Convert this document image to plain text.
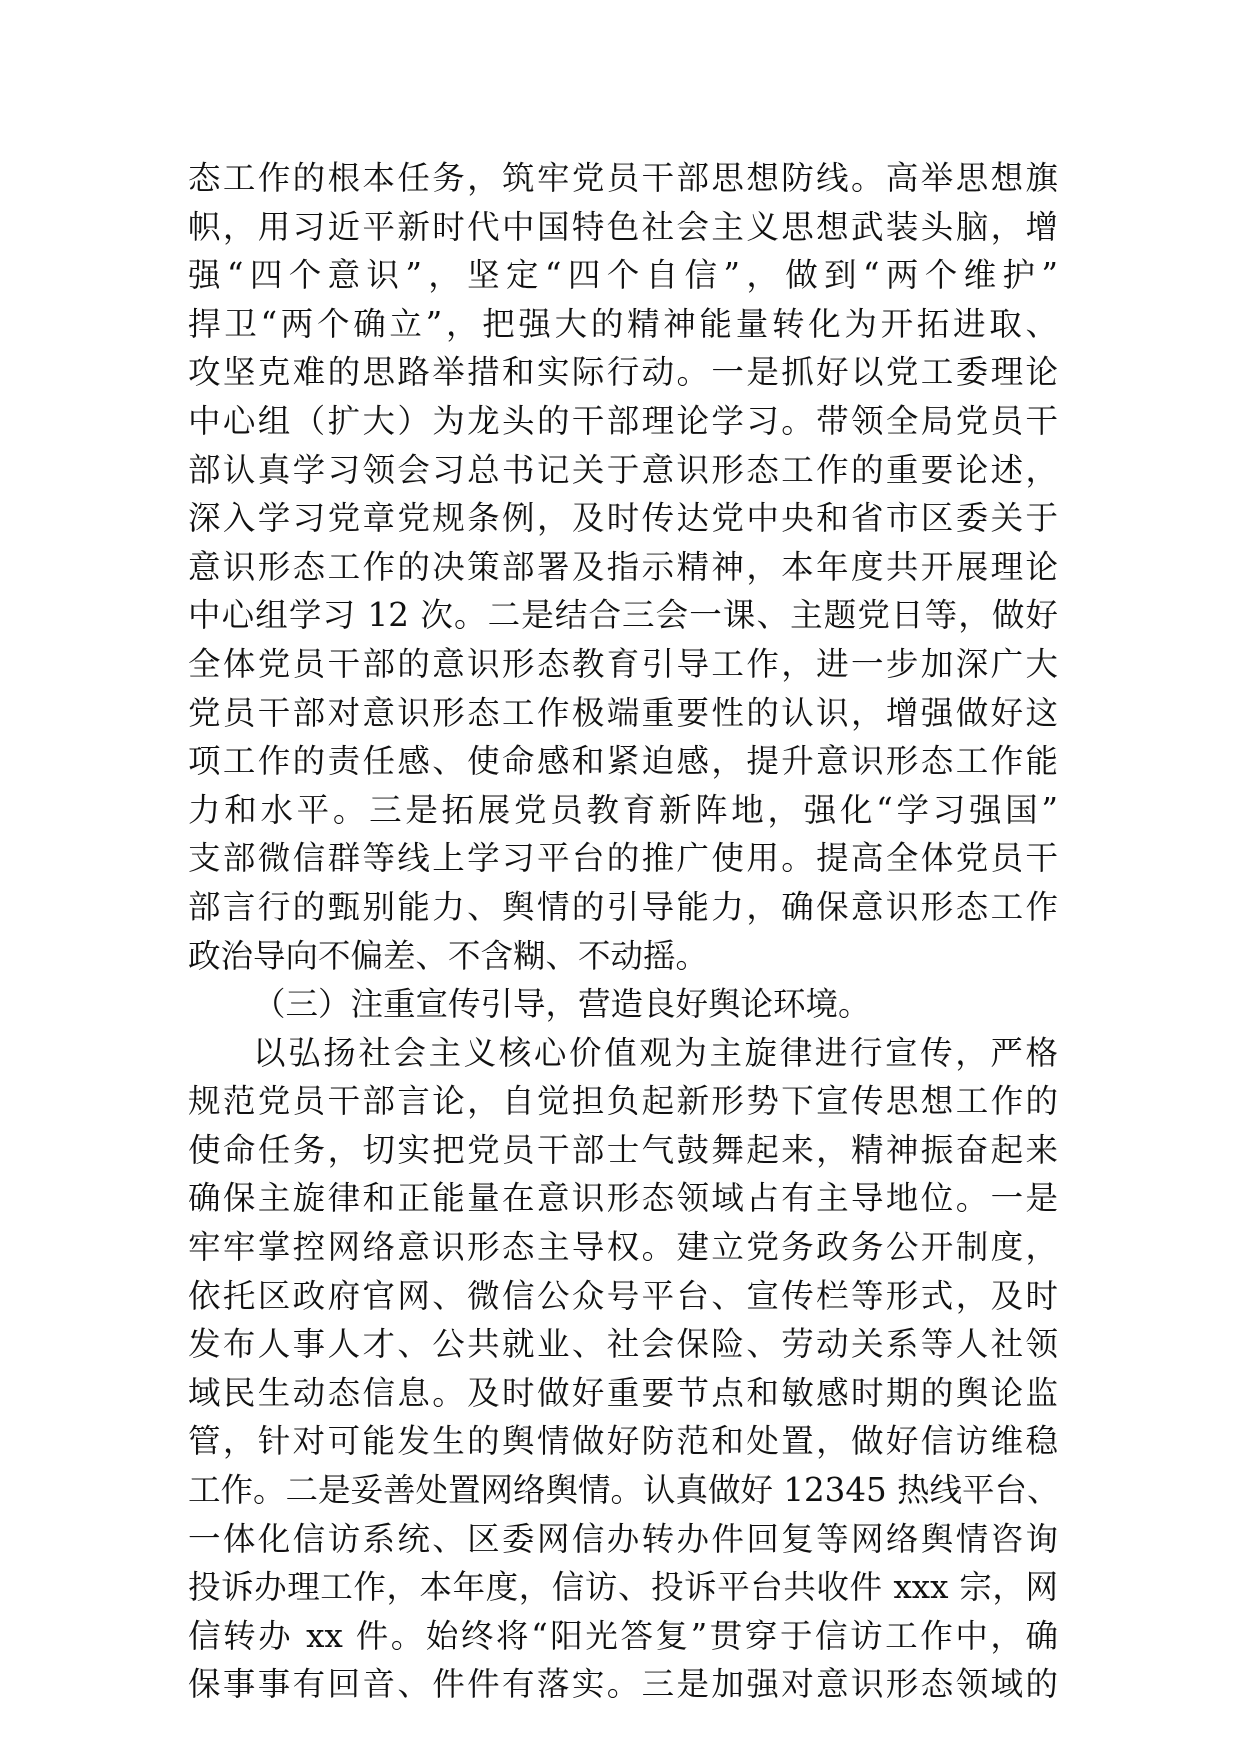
态工作的根本任务，筑牢党员干部思想防线。高举思想旗
帜，用习近平新时代中国特色社会主义思想武装头脑，增
强“四个意识”，坚定“四个自信”，做到“两个维护”
捍卫“两个确立”，把强大的精神能量转化为开拓进取、
攻坚克难的思路举措和实际行动。一是抓好以党工委理论
中心组（扩大）为龙头的干部理论学习。带领全局党员干
部认真学习领会习总书记关于意识形态工作的重要论述，
深入学习党章党规条例，及时传达党中央和省市区委关于
意识形态工作的决策部署及指示精神，本年度共开展理论
中心组学习 12 次。二是结合三会一课、主题党日等，做好
全体党员干部的意识形态教育引导工作，进一步加深广大
党员干部对意识形态工作极端重要性的认识，增强做好这
项工作的责任感、使命感和紧迫感，提升意识形态工作能
力和水平。三是拓展党员教育新阵地，强化“学习强国”
支部微信群等线上学习平台的推广使用。提高全体党员干
部言行的甄别能力、舆情的引导能力，确保意识形态工作
政治导向不偏差、不含糊、不动摇。
（三）注重宣传引导，营造良好舆论环境。
以弘扬社会主义核心价值观为主旋律进行宣传，严格
规范党员干部言论，自觉担负起新形势下宣传思想工作的
使命任务，切实把党员干部士气鼓舞起来，精神振奋起来
确保主旋律和正能量在意识形态领域占有主导地位。一是
牢牢掌控网络意识形态主导权。建立党务政务公开制度，
依托区政府官网、微信公众号平台、宣传栏等形式，及时
发布人事人才、公共就业、社会保险、劳动关系等人社领
域民生动态信息。及时做好重要节点和敏感时期的舆论监
管，针对可能发生的舆情做好防范和处置，做好信访维稳
工作。二是妥善处置网络舆情。认真做好 12345 热线平台、
一体化信访系统、区委网信办转办件回复等网络舆情咨询
投诉办理工作，本年度，信访、投诉平台共收件 xxx 宗，网
信转办 xx 件。始终将“阳光答复”贯穿于信访工作中，确
保事事有回音、件件有落实。三是加强对意识形态领域的
